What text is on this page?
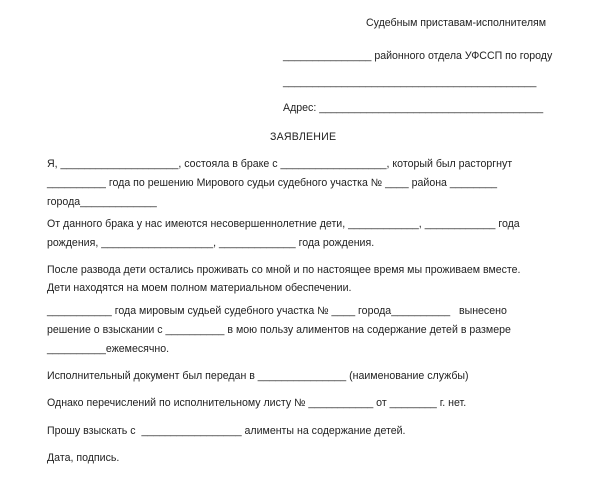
Судебным приставам-исполнителям
_______________ районного отдела УФССП по городу
___________________________________________
Адрес: ______________________________________
ЗАЯВЛЕНИЕ
Я, ____________________, состояла в браке с __________________, который был расторгнут
__________ года по решению Мирового судьи судебного участка № ____ района ________
города_____________
От данного брака у нас имеются несовершеннолетние дети, ____________, ____________ года
рождения, ___________________, _____________ года рождения.
После развода дети остались проживать со мной и по настоящее время мы проживаем вместе.
Дети находятся на моем полном материальном обеспечении.
___________ года мировым судьей судебного участка № ____ города__________   вынесено
решение о взыскании с __________ в мою пользу алиментов на содержание детей в размере
__________ежемесячно.
Исполнительный документ был передан в _______________ (наименование службы)
Однако перечислений по исполнительному листу № ___________ от ________ г. нет.
Прошу взыскать с  _________________ алименты на содержание детей.
Дата, подпись.
